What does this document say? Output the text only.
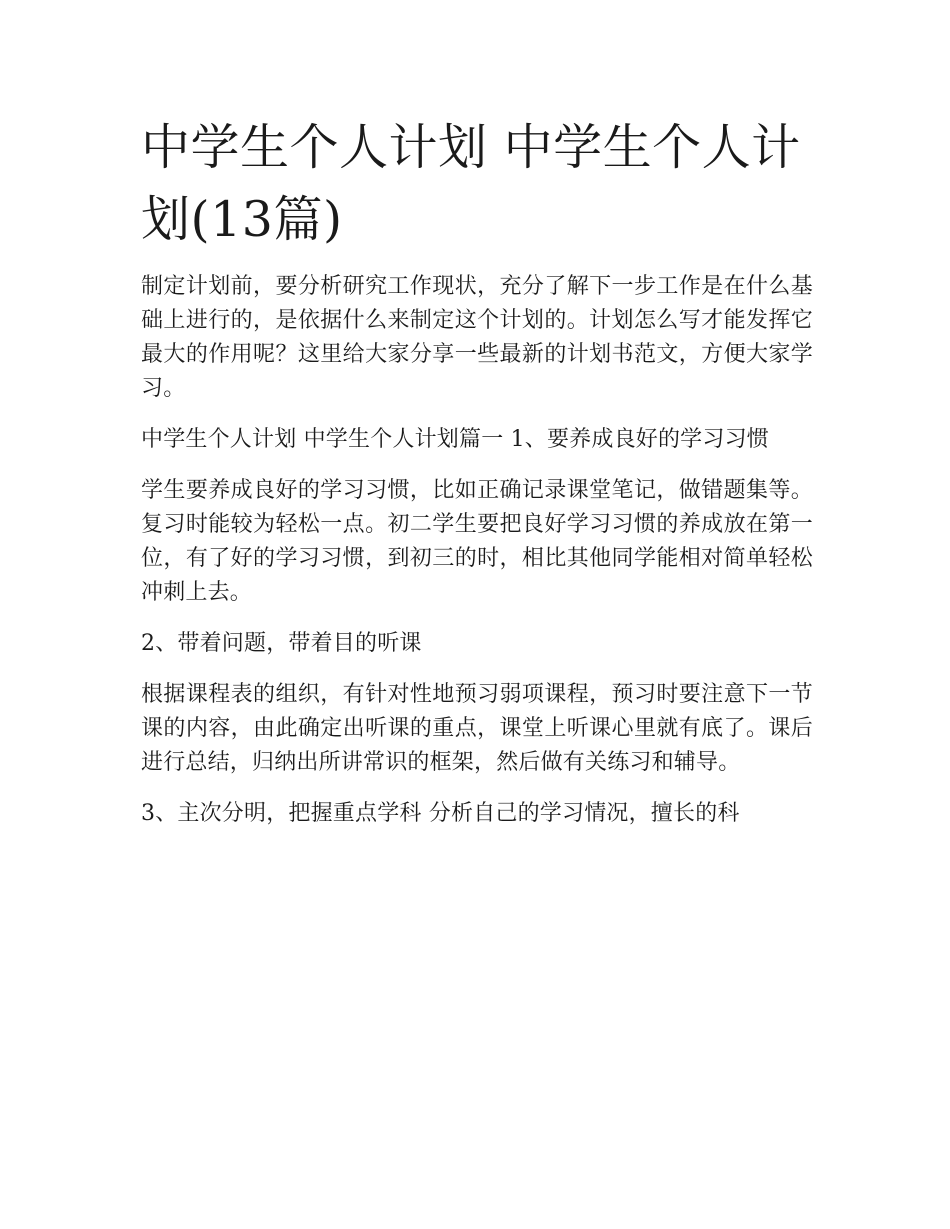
中学生个人计划 中学生个人计划(13篇)

制定计划前，要分析研究工作现状，充分了解下一步工作是在什么基础上进行的，是依据什么来制定这个计划的。计划怎么写才能发挥它最大的作用呢？这里给大家分享一些最新的计划书范文，方便大家学习。

中学生个人计划 中学生个人计划篇一 1、要养成良好的学习习惯

学生要养成良好的学习习惯，比如正确记录课堂笔记，做错题集等。复习时能较为轻松一点。初二学生要把良好学习习惯的养成放在第一位，有了好的学习习惯，到初三的时，相比其他同学能相对简单轻松冲刺上去。

2、带着问题，带着目的听课

根据课程表的组织，有针对性地预习弱项课程，预习时要注意下一节课的内容，由此确定出听课的重点，课堂上听课心里就有底了。课后进行总结，归纳出所讲常识的框架，然后做有关练习和辅导。

3、主次分明，把握重点学科 分析自己的学习情况，擅长的科
